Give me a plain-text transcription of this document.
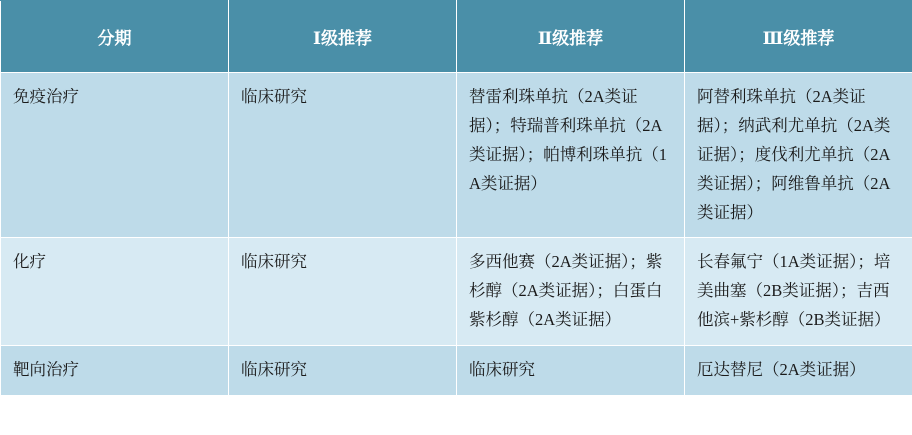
分期	Ⅰ级推荐	Ⅱ级推荐	Ⅲ级推荐

免疫治疗	临床研究	替雷利珠单抗（2A类证据）；特瑞普利珠单抗（2A类证据）；帕博利珠单抗（1A类证据）	阿替利珠单抗（2A类证据）；纳武利尤单抗（2A类证据）；度伐利尤单抗（2A类证据）；阿维鲁单抗（2A类证据）

化疗	临床研究	多西他赛（2A类证据）；紫杉醇（2A类证据）；白蛋白紫杉醇（2A类证据）	长春氟宁（1A类证据）；培美曲塞（2B类证据）；吉西他滨+紫杉醇（2B类证据）

靶向治疗	临床研究	临床研究	厄达替尼（2A类证据）
